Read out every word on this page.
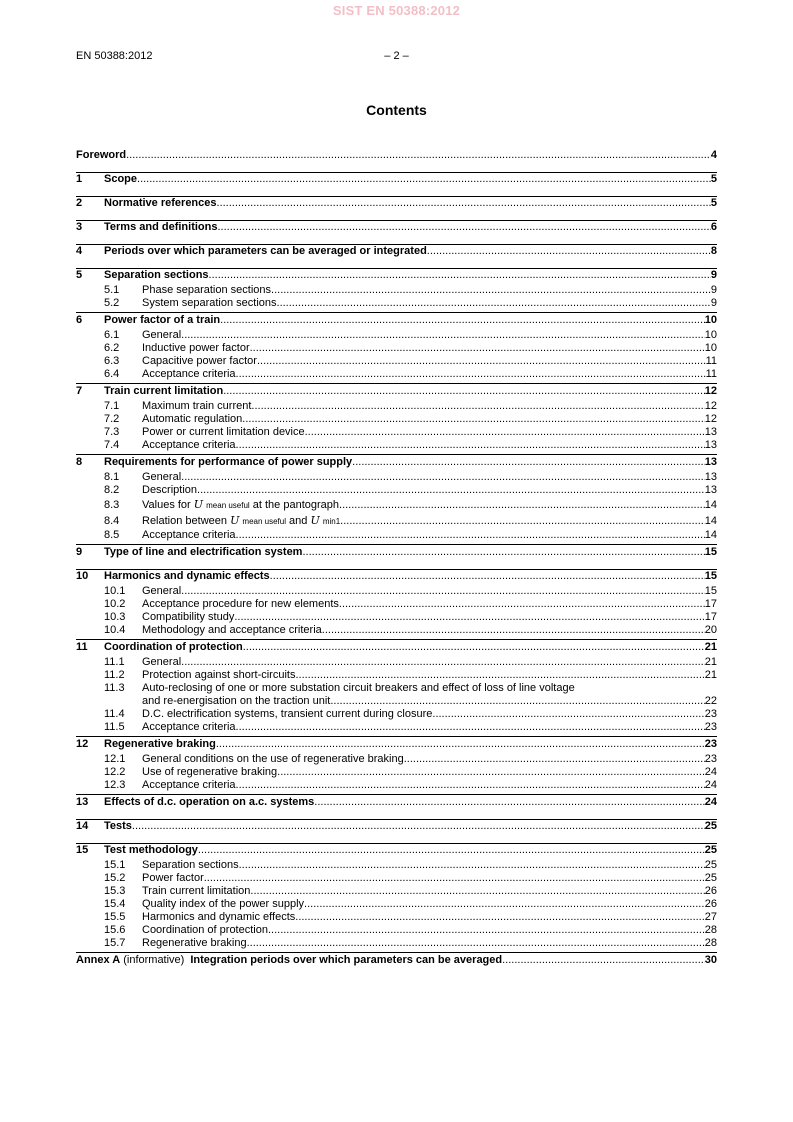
SIST EN 50388:2012
EN 50388:2012	– 2 –
Contents
Foreword .....	4
1	Scope .....	5
2	Normative references .....	5
3	Terms and definitions .....	6
4	Periods over which parameters can be averaged or integrated .....	8
5	Separation sections .....	9
5.1	Phase separation sections .....	9
5.2	System separation sections .....	9
6	Power factor of a train .....	10
6.1	General .....	10
6.2	Inductive power factor .....	10
6.3	Capacitive power factor .....	11
6.4	Acceptance criteria .....	11
7	Train current limitation .....	12
7.1	Maximum train current .....	12
7.2	Automatic regulation .....	12
7.3	Power or current limitation device .....	13
7.4	Acceptance criteria .....	13
8	Requirements for performance of power supply .....	13
8.1	General .....	13
8.2	Description .....	13
8.3	Values for U mean useful at the pantograph .....	14
8.4	Relation between U mean useful and U min1 .....	14
8.5	Acceptance criteria .....	14
9	Type of line and electrification system .....	15
10	Harmonics and dynamic effects .....	15
10.1	General .....	15
10.2	Acceptance procedure for new elements .....	17
10.3	Compatibility study .....	17
10.4	Methodology and acceptance criteria .....	20
11	Coordination of protection .....	21
11.1	General .....	21
11.2	Protection against short-circuits .....	21
11.3	Auto-reclosing of one or more substation circuit breakers and effect of loss of line voltage
and re-energisation on the traction unit .....	22
11.4	D.C. electrification systems, transient current during closure .....	23
11.5	Acceptance criteria .....	23
12	Regenerative braking .....	23
12.1	General conditions on the use of regenerative braking .....	23
12.2	Use of regenerative braking .....	24
12.3	Acceptance criteria .....	24
13	Effects of d.c. operation on a.c. systems .....	24
14	Tests .....	25
15	Test methodology .....	25
15.1	Separation sections .....	25
15.2	Power factor .....	25
15.3	Train current limitation .....	26
15.4	Quality index of the power supply .....	26
15.5	Harmonics and dynamic effects .....	27
15.6	Coordination of protection .....	28
15.7	Regenerative braking .....	28
Annex A (informative) Integration periods over which parameters can be averaged .....	30
